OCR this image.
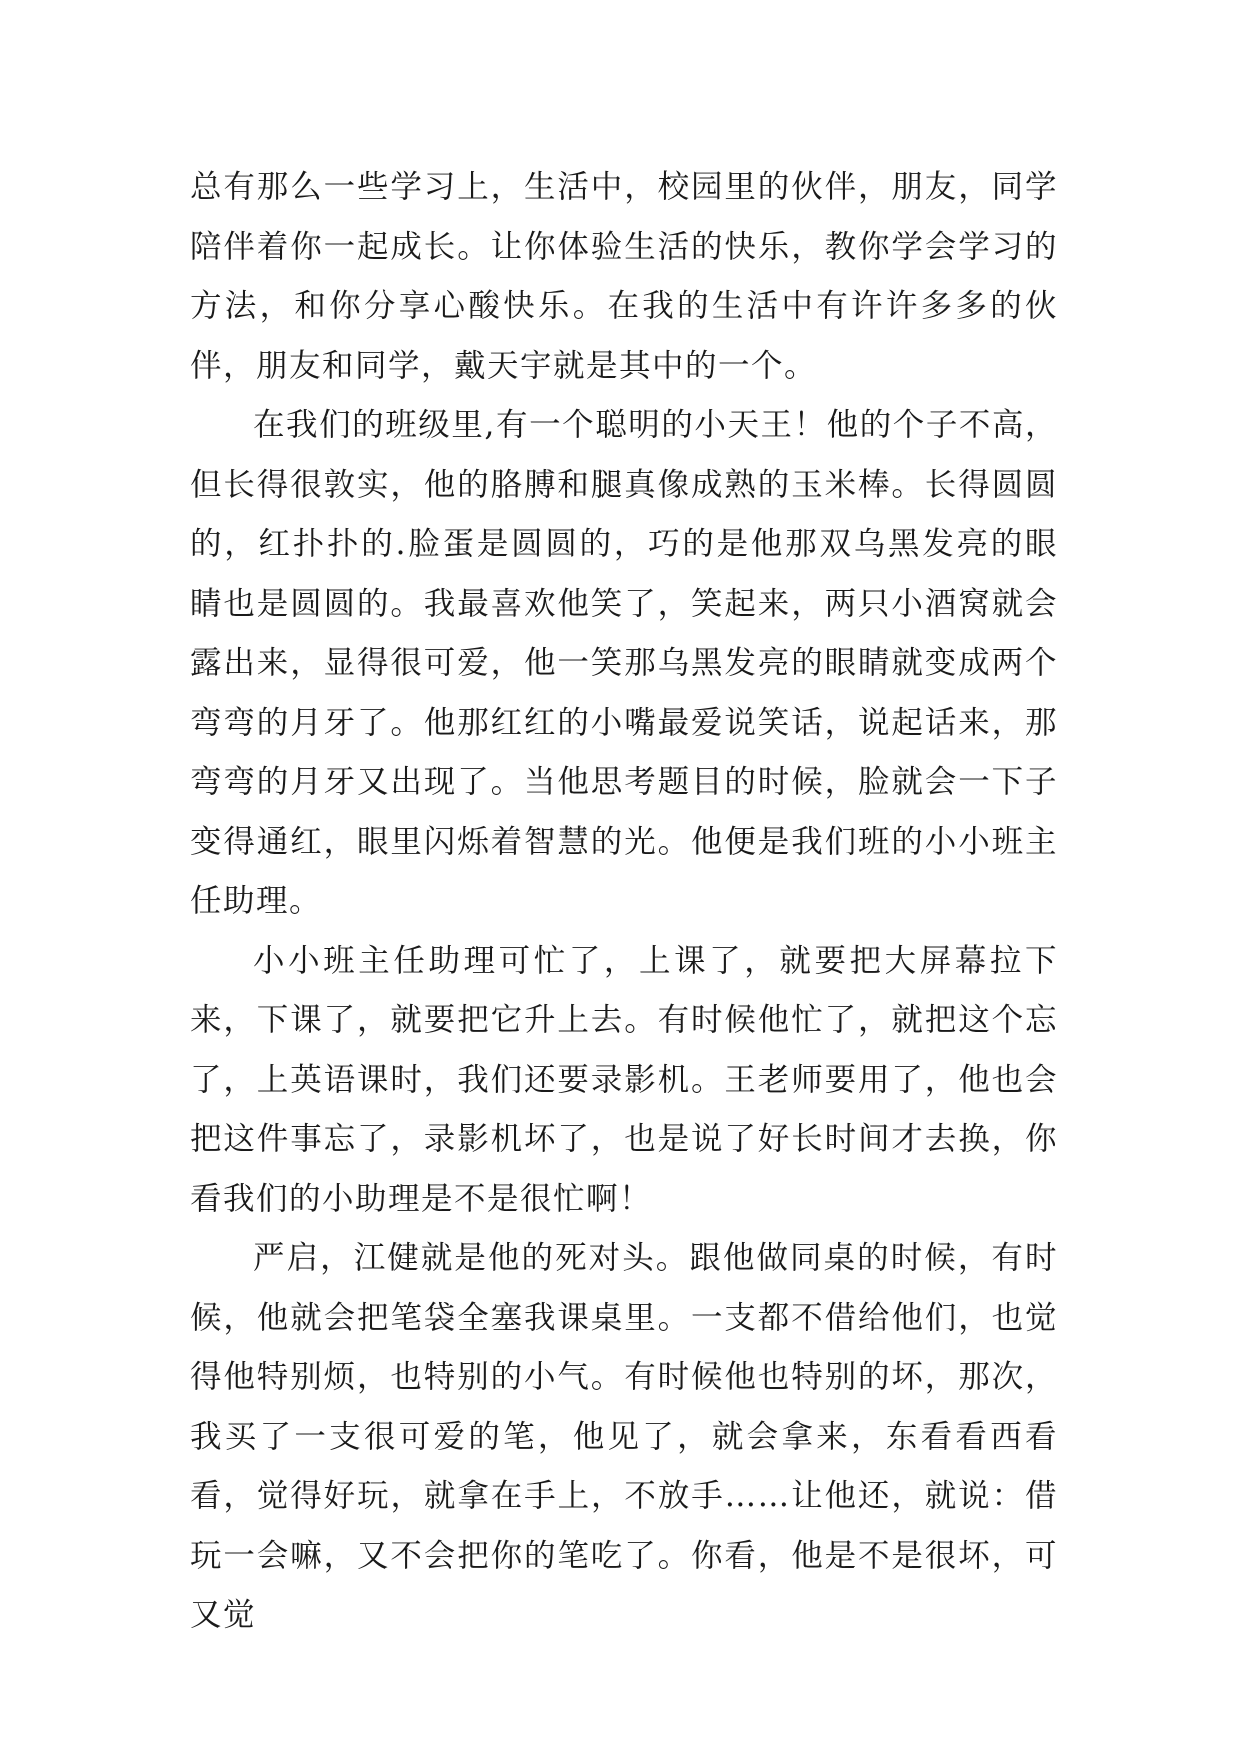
总有那么一些学习上，生活中，校园里的伙伴，朋友，同学陪伴着你一起成长。让你体验生活的快乐，教你学会学习的方法，和你分享心酸快乐。在我的生活中有许许多多的伙伴，朋友和同学，戴天宇就是其中的一个。

在我们的班级里,有一个聪明的小天王！他的个子不高，但长得很敦实，他的胳膊和腿真像成熟的玉米棒。长得圆圆的，红扑扑的.脸蛋是圆圆的，巧的是他那双乌黑发亮的眼睛也是圆圆的。我最喜欢他笑了，笑起来，两只小酒窝就会露出来，显得很可爱，他一笑那乌黑发亮的眼睛就变成两个弯弯的月牙了。他那红红的小嘴最爱说笑话，说起话来，那弯弯的月牙又出现了。当他思考题目的时候，脸就会一下子变得通红，眼里闪烁着智慧的光。他便是我们班的小小班主任助理。

小小班主任助理可忙了，上课了，就要把大屏幕拉下来，下课了，就要把它升上去。有时候他忙了，就把这个忘了，上英语课时，我们还要录影机。王老师要用了，他也会把这件事忘了，录影机坏了，也是说了好长时间才去换，你看我们的小助理是不是很忙啊！

严启，江健就是他的死对头。跟他做同桌的时候，有时候，他就会把笔袋全塞我课桌里。一支都不借给他们，也觉得他特别烦，也特别的小气。有时候他也特别的坏，那次，我买了一支很可爱的笔，他见了，就会拿来，东看看西看看，觉得好玩，就拿在手上，不放手……让他还，就说：借玩一会嘛，又不会把你的笔吃了。你看，他是不是很坏，可又觉
